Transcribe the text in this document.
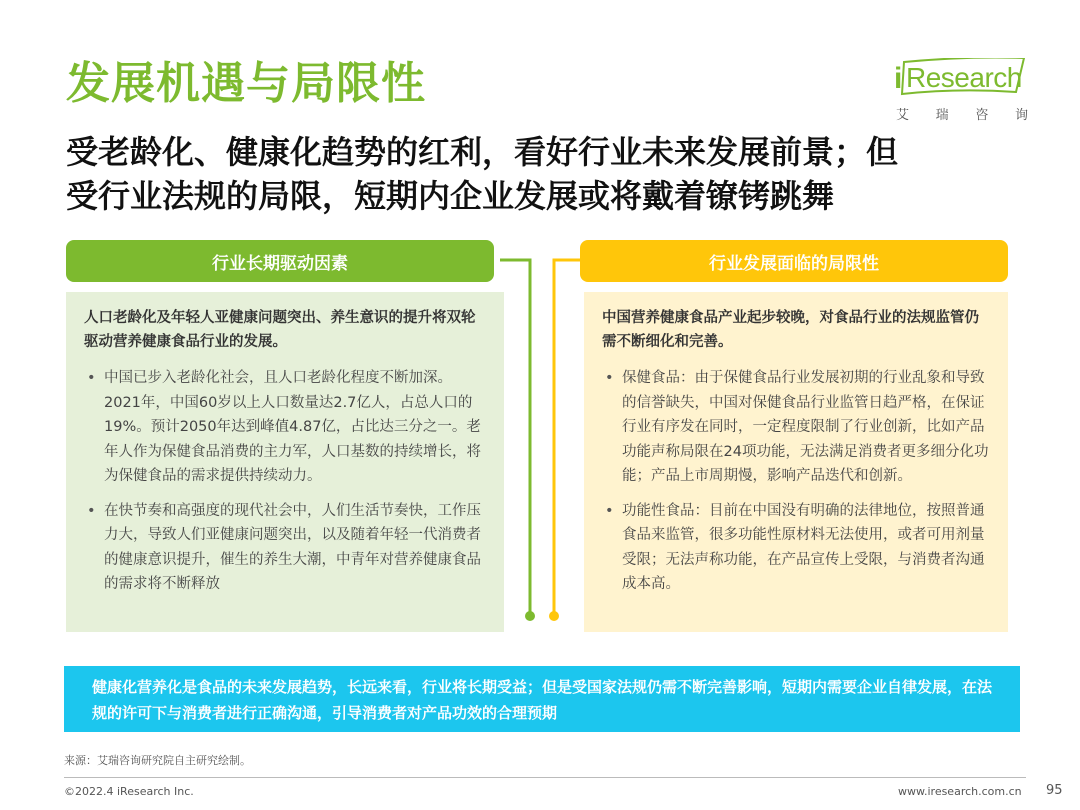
发展机遇与局限性	i Research
艾 瑞 咨 询
受老龄化、健康化趋势的红利，看好行业未来发展前景；但
受行业法规的局限，短期内企业发展或将戴着镣铐跳舞
行业长期驱动因素	行业发展面临的局限性

人口老龄化及年轻人亚健康问题突出、养生意识的提升将双轮驱动营养健康食品行业的发展。

• 中国已步入老龄化社会，且人口老龄化程度不断加深。2021年，中国60岁以上人口数量达2.7亿人，占总人口的19%。预计2050年达到峰值4.87亿，占比达三分之一。老年人作为保健食品消费的主力军，人口基数的持续增长，将为保健食品的需求提供持续动力。
• 在快节奏和高强度的现代社会中，人们生活节奏快，工作压力大，导致人们亚健康问题突出，以及随着年轻一代消费者的健康意识提升，催生的养生大潮，中青年对营养健康食品的需求将不断释放

中国营养健康食品产业起步较晚，对食品行业的法规监管仍需不断细化和完善。

• 保健食品：由于保健食品行业发展初期的行业乱象和导致的信誉缺失，中国对保健食品行业监管日趋严格，在保证行业有序发在同时，一定程度限制了行业创新，比如产品功能声称局限在24项功能，无法满足消费者更多细分化功能；产品上市周期慢，影响产品迭代和创新。
• 功能性食品：目前在中国没有明确的法律地位，按照普通食品来监管，很多功能性原材料无法使用，或者可用剂量受限；无法声称功能，在产品宣传上受限，与消费者沟通成本高。
健康化营养化是食品的未来发展趋势，长远来看，行业将长期受益；但是受国家法规仍需不断完善影响，短期内需要企业自律发展，在法规的许可下与消费者进行正确沟通，引导消费者对产品功效的合理预期
来源：艾瑞咨询研究院自主研究绘制。
©2022.4 iResearch Inc.	www.iresearch.com.cn 95
